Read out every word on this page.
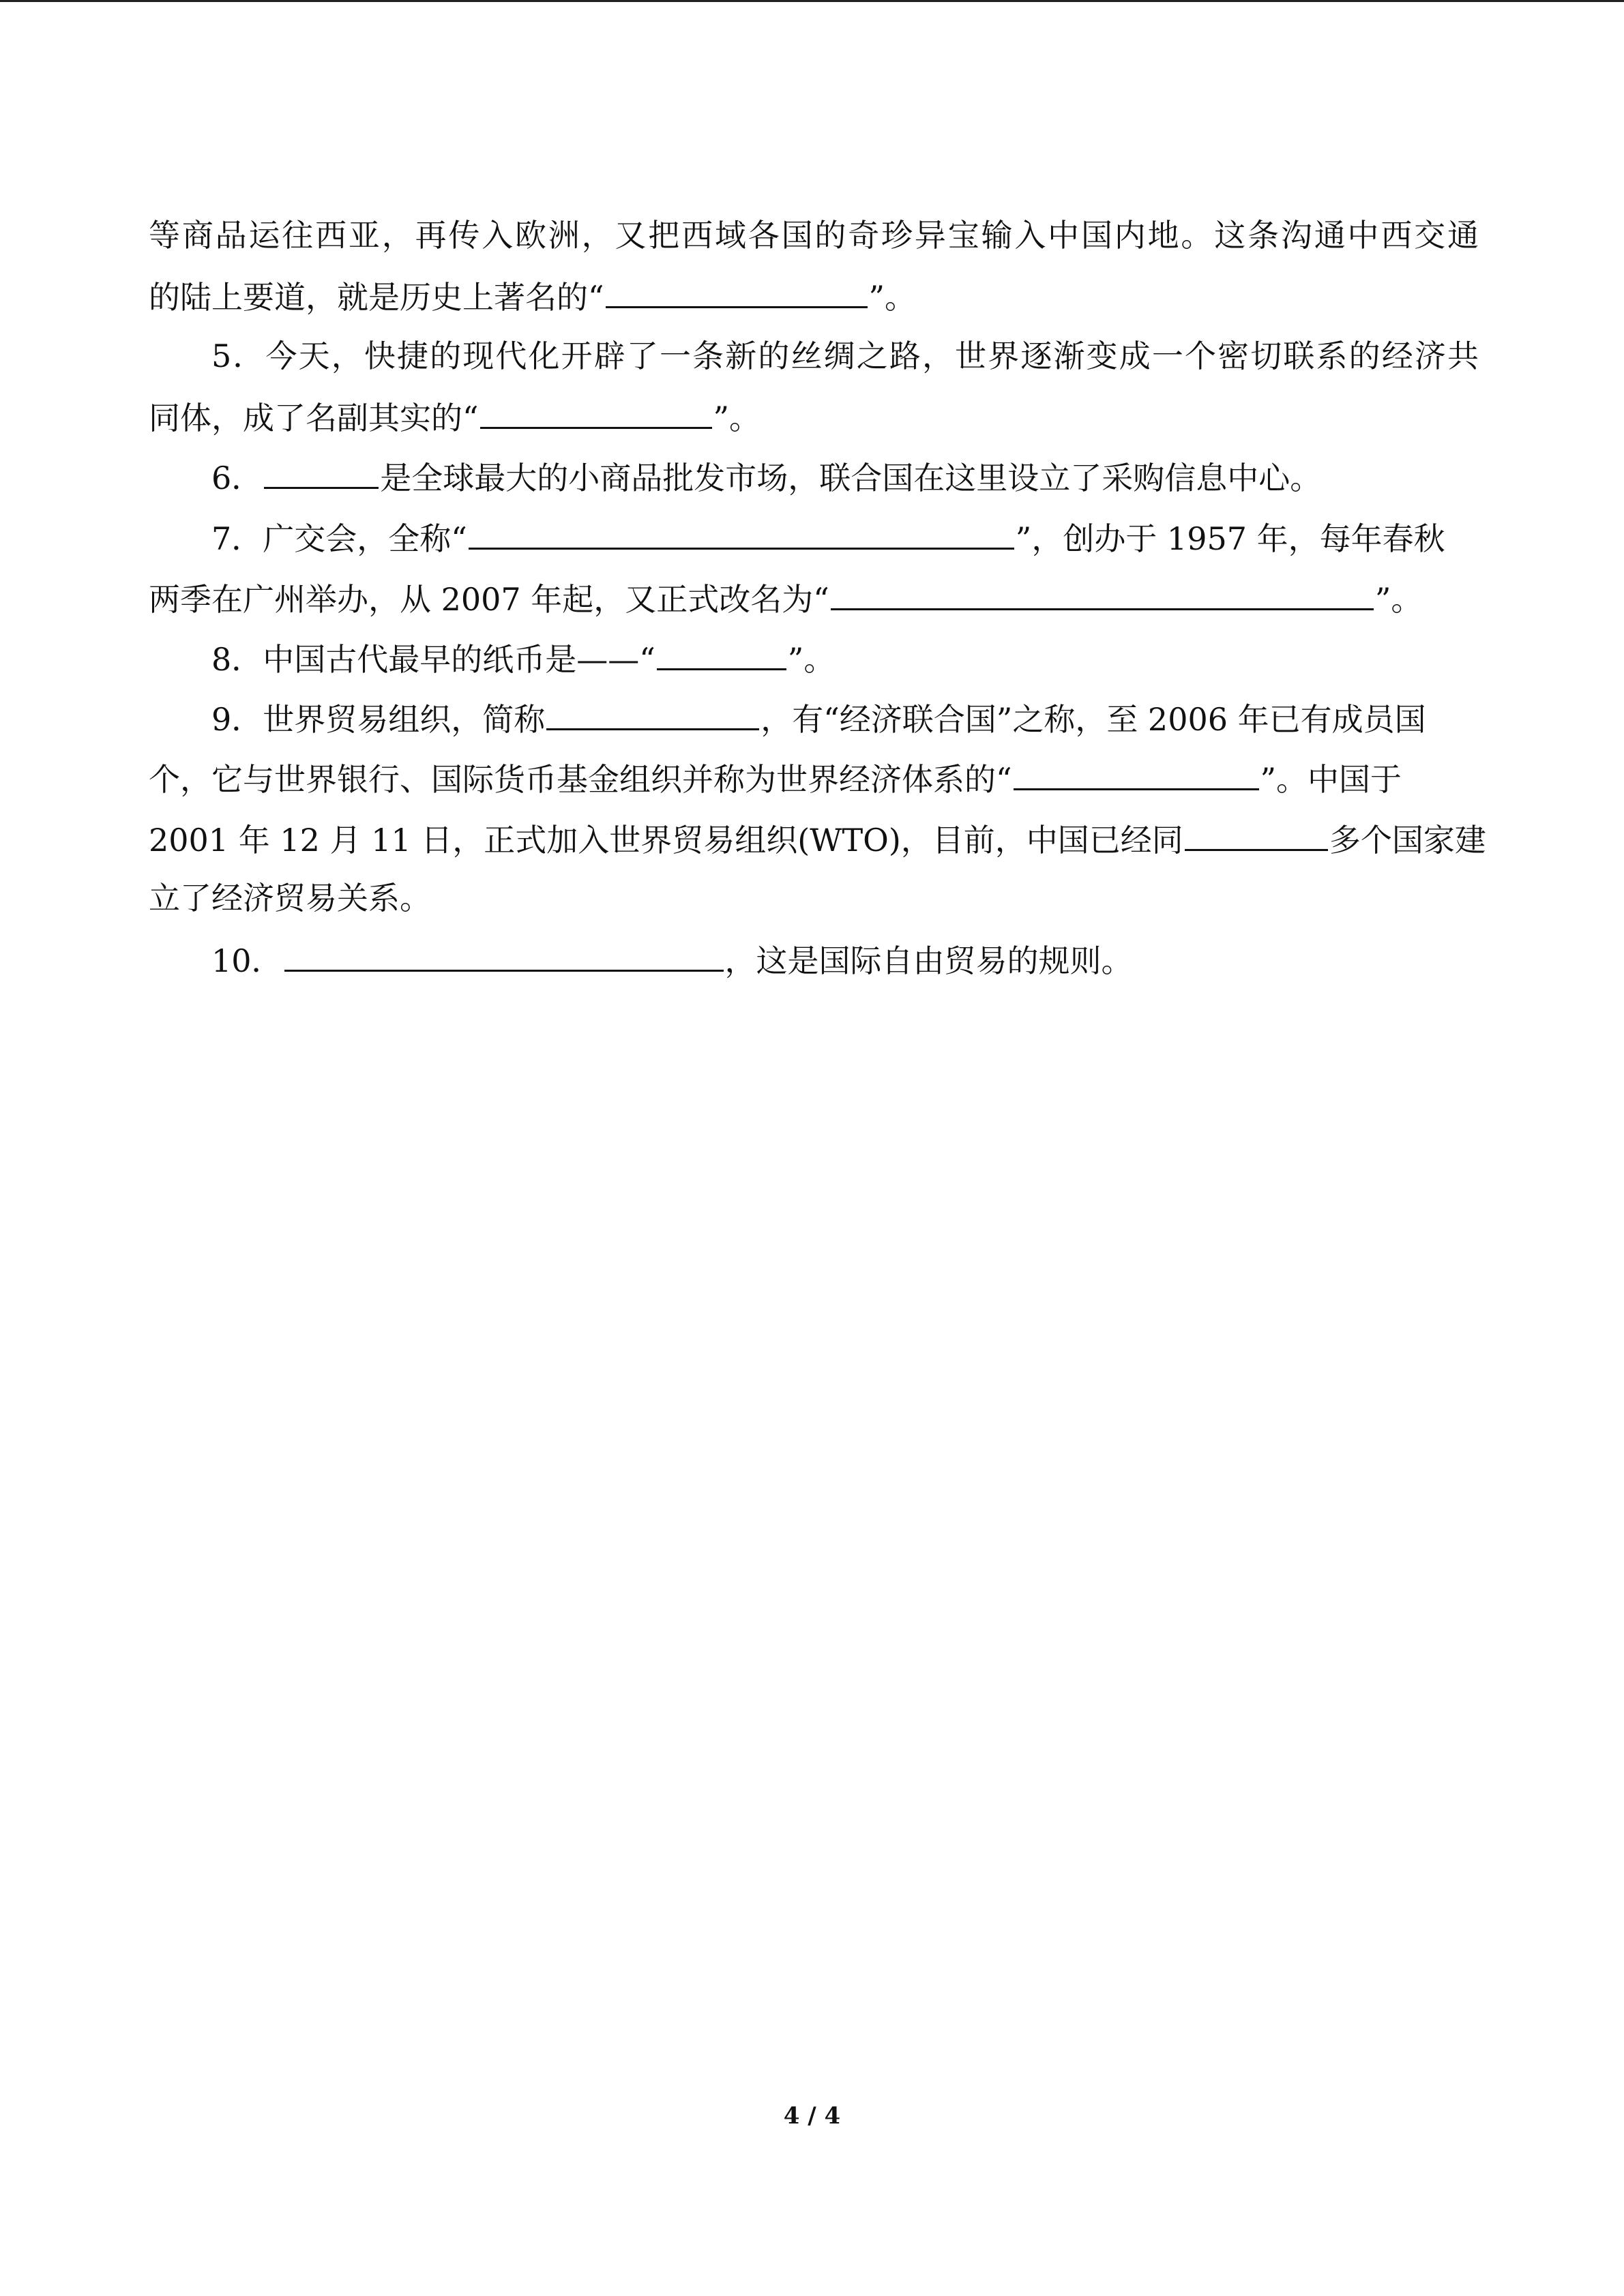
等商品运往西亚，再传入欧洲，又把西域各国的奇珍异宝输入中国内地。这条沟通中西交通
的陆上要道，就是历史上著名的“	”。
5．今天，快捷的现代化开辟了一条新的丝绸之路，世界逐渐变成一个密切联系的经济共
同体，成了名副其实的“	”。
6．	是全球最大的小商品批发市场，联合国在这里设立了采购信息中心。
7．广交会，全称“	”，创办于 1957 年，每年春秋
两季在广州举办，从 2007 年起，又正式改名为“	”。
8．中国古代最早的纸币是——“	”。
9．世界贸易组织，简称	，有“经济联合国”之称，至 2006 年已有成员国
个，它与世界银行、国际货币基金组织并称为世界经济体系的“	”。中国于
2001 年 12 月 11 日，正式加入世界贸易组织(WTO)，目前，中国已经同	多个国家建
立了经济贸易关系。
10．	，这是国际自由贸易的规则。
4 / 4
